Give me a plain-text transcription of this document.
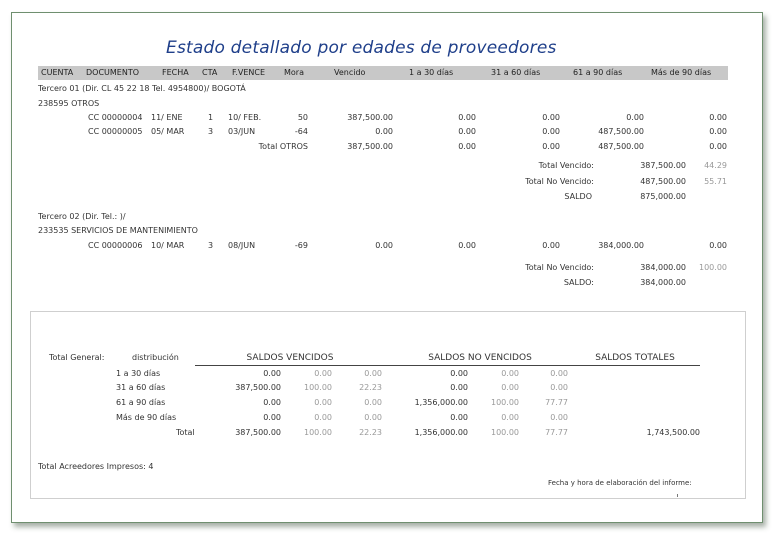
Estado detallado por edades de proveedores
CUENTA DOCUMENTO	FECHA CTA F.VENCE Mora	Vencido	1 a 30 días	31 a 60 días	61 a 90 días	Más de 90 días
Tercero 01 (Dir. CL 45 22 18 Tel. 4954800)/ BOGOTÁ
238595 OTROS
CC 00000004 11/ ENE	1 10/ FEB.	50	387,500.00	0.00	0.00	0.00	0.00
CC 00000005 05/ MAR	3 03/JUN	-64	0.00	0.00	0.00	487,500.00	0.00
Total OTROS	387,500.00	0.00	0.00	487,500.00	0.00
Total Vencido:	387,500.00	44.29
Total No Vencido:	487,500.00	55.71
SALDO	875,000.00
Tercero 02 (Dir. Tel.: )/
233535 SERVICIOS DE MANTENIMIENTO
CC 00000006 10/ MAR	3 08/JUN	-69	0.00	0.00	0.00	384,000.00	0.00
Total No Vencido:	384,000.00	100.00
SALDO:	384,000.00
Total General:	distribución	SALDOS VENCIDOS	SALDOS NO VENCIDOS	SALDOS TOTALES
1 a 30 días	0.00	0.00	0.00	0.00	0.00	0.00
31 a 60 días	387,500.00	100.00	22.23	0.00	0.00	0.00
61 a 90 días	0.00	0.00	0.00	1,356,000.00	100.00	77.77
Más de 90 días	0.00	0.00	0.00	0.00	0.00	0.00
Total	387,500.00	100.00	22.23	1,356,000.00	100.00	77.77	1,743,500.00
Total Acreedores Impresos: 4
Fecha y hora de elaboración del informe:
